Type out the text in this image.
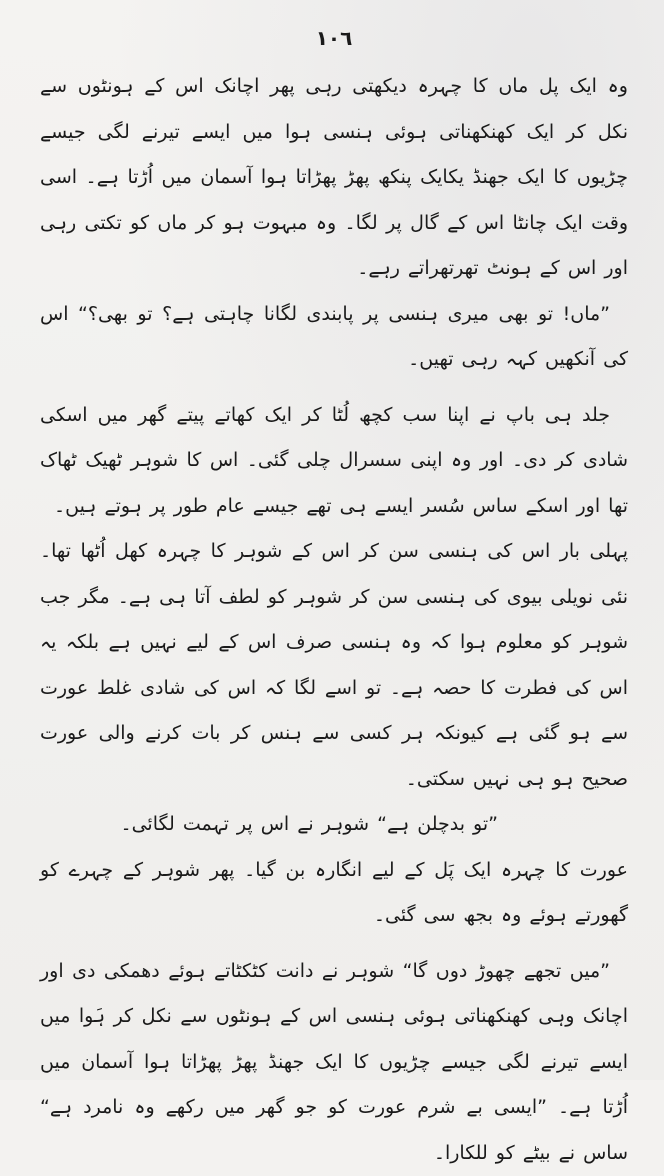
١٠٦

وہ ایک پل ماں کا چہرہ دیکھتی رہی پھر اچانک اس کے ہونٹوں سے نکل کر ایک کھنکھناتی ہوئی ہنسی ہوا میں ایسے تیرنے لگی جیسے چڑیوں کا ایک جھنڈ یکایک پنکھ پھڑ پھڑاتا ہوا آسمان میں اُڑتا ہے۔ اسی وقت ایک چانٹا اس کے گال پر لگا۔ وہ مبہوت ہو کر ماں کو تکتی رہی اور اس کے ہونٹ تھرتھراتے رہے۔

”ماں! تو بھی میری ہنسی پر پابندی لگانا چاہتی ہے؟ تو بھی؟“ اس کی آنکھیں کہہ رہی تھیں۔

جلد ہی باپ نے اپنا سب کچھ لُٹا کر ایک کھاتے پیتے گھر میں اسکی شادی کر دی۔ اور وہ اپنی سسرال چلی گئی۔ اس کا شوہر ٹھیک ٹھاک تھا اور اسکے ساس سُسر ایسے ہی تھے جیسے عام طور پر ہوتے ہیں۔

پہلی بار اس کی ہنسی سن کر اس کے شوہر کا چہرہ کھل اُٹھا تھا۔ نئی نویلی بیوی کی ہنسی سن کر شوہر کو لطف آتا ہی ہے۔ مگر جب شوہر کو معلوم ہوا کہ وہ ہنسی صرف اس کے لیے نہیں ہے بلکہ یہ اس کی فطرت کا حصہ ہے۔ تو اسے لگا کہ اس کی شادی غلط عورت سے ہو گئی ہے کیونکہ ہر کسی سے ہنس کر بات کرنے والی عورت صحیح ہو ہی نہیں سکتی۔

”تو بدچلن ہے“ شوہر نے اس پر تہمت لگائی۔

عورت کا چہرہ ایک پَل کے لیے انگارہ بن گیا۔ پھر شوہر کے چہرے کو گھورتے ہوئے وہ بجھ سی گئی۔

”میں تجھے چھوڑ دوں گا“ شوہر نے دانت کٹکٹاتے ہوئے دھمکی دی اور اچانک وہی کھنکھناتی ہوئی ہنسی اس کے ہونٹوں سے نکل کر ہَوا میں ایسے تیرنے لگی جیسے چڑیوں کا ایک جھنڈ پھڑ پھڑاتا ہوا آسمان میں اُڑتا ہے۔ ”ایسی بے شرم عورت کو جو گھر میں رکھے وہ نامرد ہے“ ساس نے بیٹے کو للکارا۔
